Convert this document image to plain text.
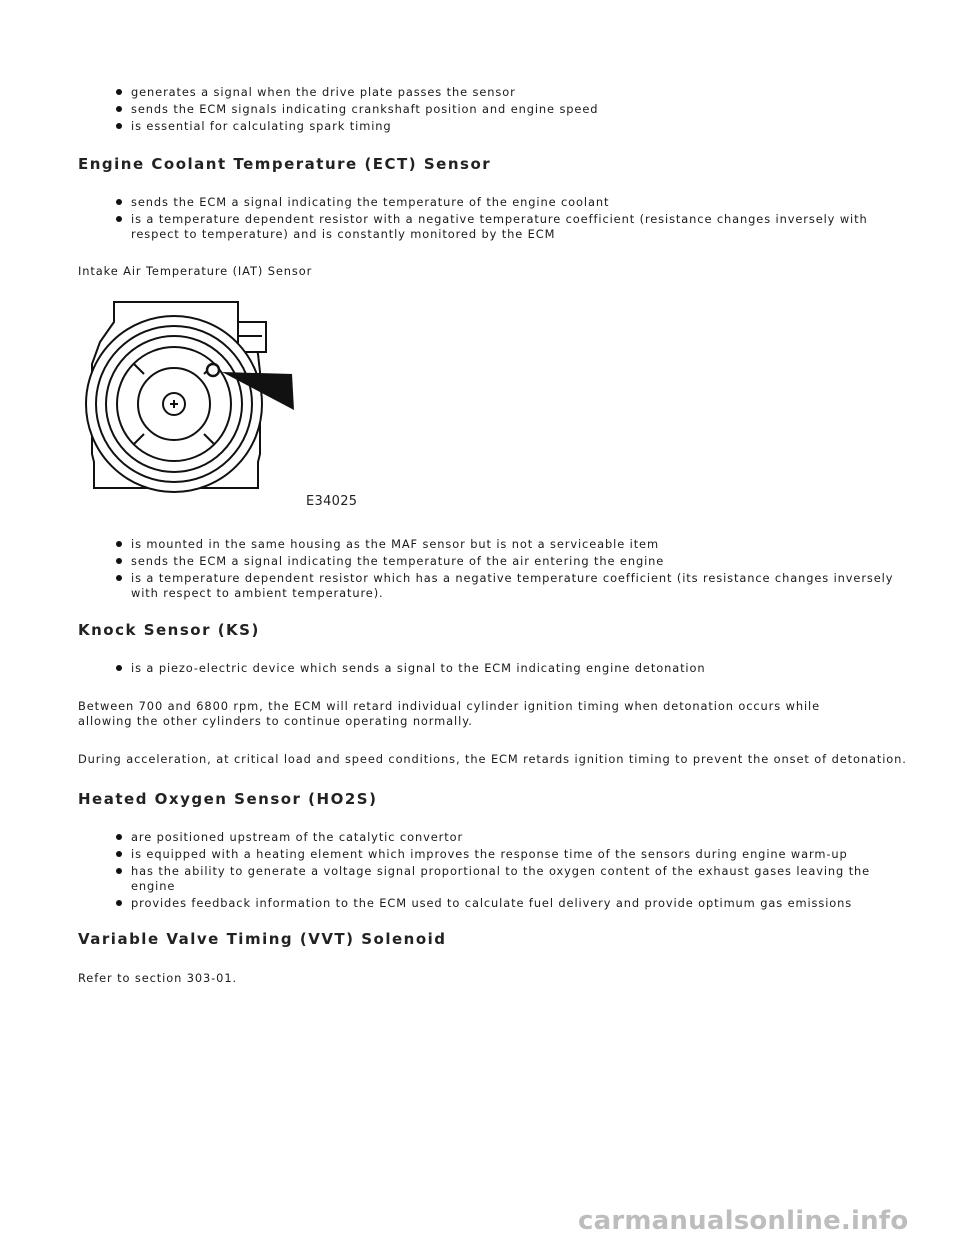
generates a signal when the drive plate passes the sensor
sends the ECM signals indicating crankshaft position and engine speed
is essential for calculating spark timing
Engine Coolant Temperature (ECT) Sensor
sends the ECM a signal indicating the temperature of the engine coolant
is a temperature dependent resistor with a negative temperature coefficient (resistance changes inversely with respect to temperature) and is constantly monitored by the ECM

Intake Air Temperature (IAT) Sensor

E34025
is mounted in the same housing as the MAF sensor but is not a serviceable item
sends the ECM a signal indicating the temperature of the air entering the engine
is a temperature dependent resistor which has a negative temperature coefficient (its resistance changes inversely with respect to ambient temperature).
Knock Sensor (KS)
is a piezo-electric device which sends a signal to the ECM indicating engine detonation

Between 700 and 6800 rpm, the ECM will retard individual cylinder ignition timing when detonation occurs while allowing the other cylinders to continue operating normally.

During acceleration, at critical load and speed conditions, the ECM retards ignition timing to prevent the onset of detonation.

Heated Oxygen Sensor (HO2S)
are positioned upstream of the catalytic convertor
is equipped with a heating element which improves the response time of the sensors during engine warm-up
has the ability to generate a voltage signal proportional to the oxygen content of the exhaust gases leaving the engine
provides feedback information to the ECM used to calculate fuel delivery and provide optimum gas emissions
Variable Valve Timing (VVT) Solenoid

Refer to section 303-01.

carmanualsonline.info
